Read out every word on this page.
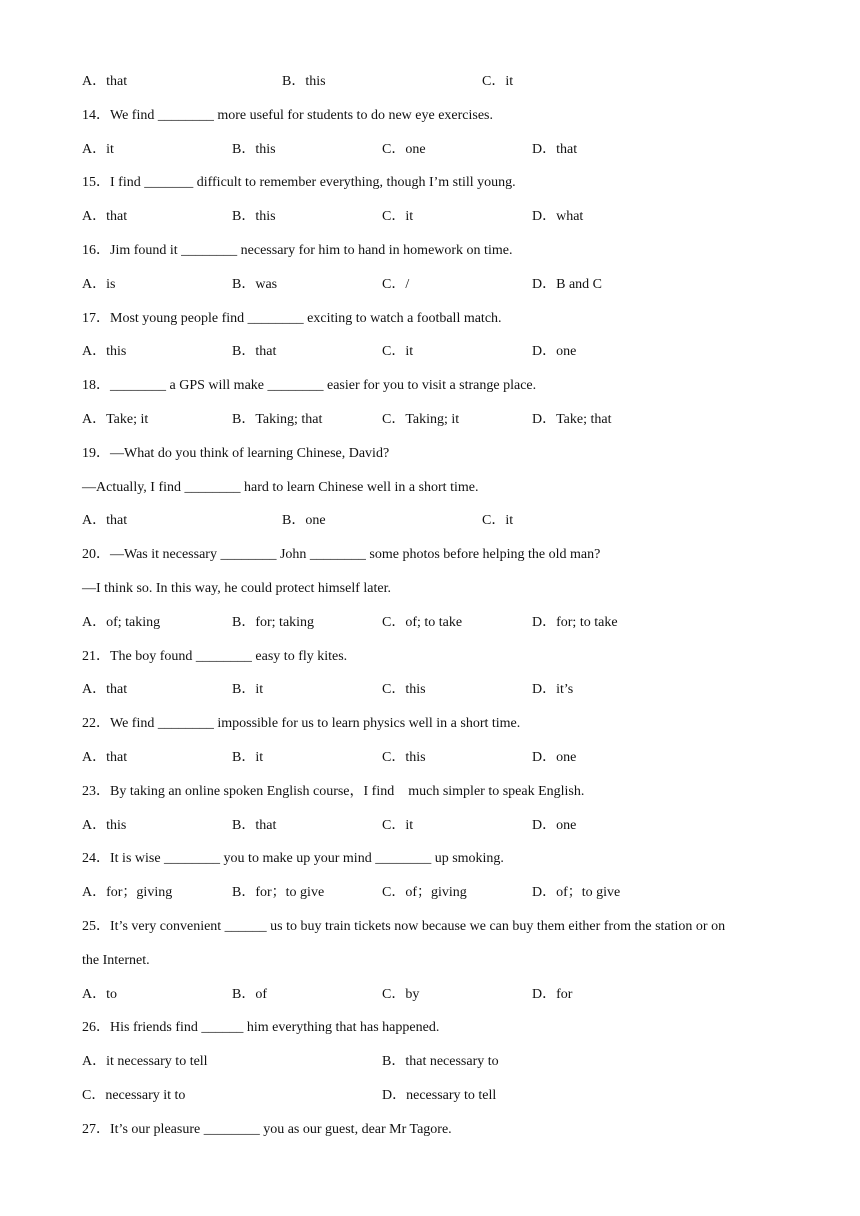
A．that	B．this	C．it
14．We find ________ more useful for students to do new eye exercises.
A．it	B．this	C．one	D．that
15．I find _______ difficult to remember everything, though I’m still young.
A．that	B．this	C．it	D．what
16．Jim found it ________ necessary for him to hand in homework on time.
A．is	B．was	C．/	D．B and C
17．Most young people find ________ exciting to watch a football match.
A．this	B．that	C．it	D．one
18．________ a GPS will make ________ easier for you to visit a strange place.
A．Take; it	B．Taking; that	C．Taking; it	D．Take; that
19．—What do you think of learning Chinese, David?
—Actually, I find ________ hard to learn Chinese well in a short time.
A．that	B．one	C．it
20．—Was it necessary ________ John ________ some photos before helping the old man?
—I think so. In this way, he could protect himself later.
A．of; taking	B．for; taking	C．of; to take	D．for; to take
21．The boy found ________ easy to fly kites.
A．that	B．it	C．this	D．it’s
22．We find ________ impossible for us to learn physics well in a short time.
A．that	B．it	C．this	D．one
23．By taking an online spoken English course，I find    much simpler to speak English.
A．this	B．that	C．it	D．one
24．It is wise ________ you to make up your mind ________ up smoking.
A．for；giving	B．for；to give	C．of；giving	D．of；to give
25．It’s very convenient ______ us to buy train tickets now because we can buy them either from the station or on
the Internet.
A．to	B．of	C．by	D．for
26．His friends find ______ him everything that has happened.
A．it necessary to tell	B．that necessary to
C．necessary it to	D．necessary to tell
27．It’s our pleasure ________ you as our guest, dear Mr Tagore.
